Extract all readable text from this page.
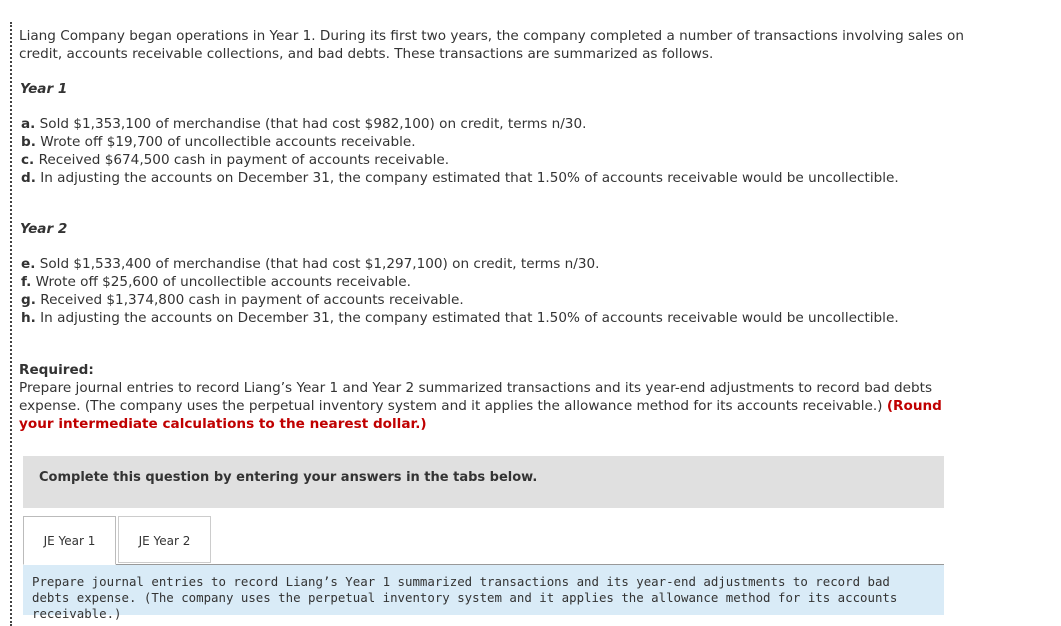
Liang Company began operations in Year 1. During its first two years, the company completed a number of transactions involving sales on credit, accounts receivable collections, and bad debts. These transactions are summarized as follows.

Year 1

a. Sold $1,353,100 of merchandise (that had cost $982,100) on credit, terms n/30.
b. Wrote off $19,700 of uncollectible accounts receivable.
c. Received $674,500 cash in payment of accounts receivable.
d. In adjusting the accounts on December 31, the company estimated that 1.50% of accounts receivable would be uncollectible.

Year 2

e. Sold $1,533,400 of merchandise (that had cost $1,297,100) on credit, terms n/30.
f. Wrote off $25,600 of uncollectible accounts receivable.
g. Received $1,374,800 cash in payment of accounts receivable.
h. In adjusting the accounts on December 31, the company estimated that 1.50% of accounts receivable would be uncollectible.

Required:

Prepare journal entries to record Liang’s Year 1 and Year 2 summarized transactions and its year-end adjustments to record bad debts expense. (The company uses the perpetual inventory system and it applies the allowance method for its accounts receivable.) (Round your intermediate calculations to the nearest dollar.)

Complete this question by entering your answers in the tabs below.
JE Year 1	JE Year 2
Prepare journal entries to record Liang’s Year 1 summarized transactions and its year-end adjustments to record bad debts expense. (The company uses the perpetual inventory system and it applies the allowance method for its accounts receivable.)
